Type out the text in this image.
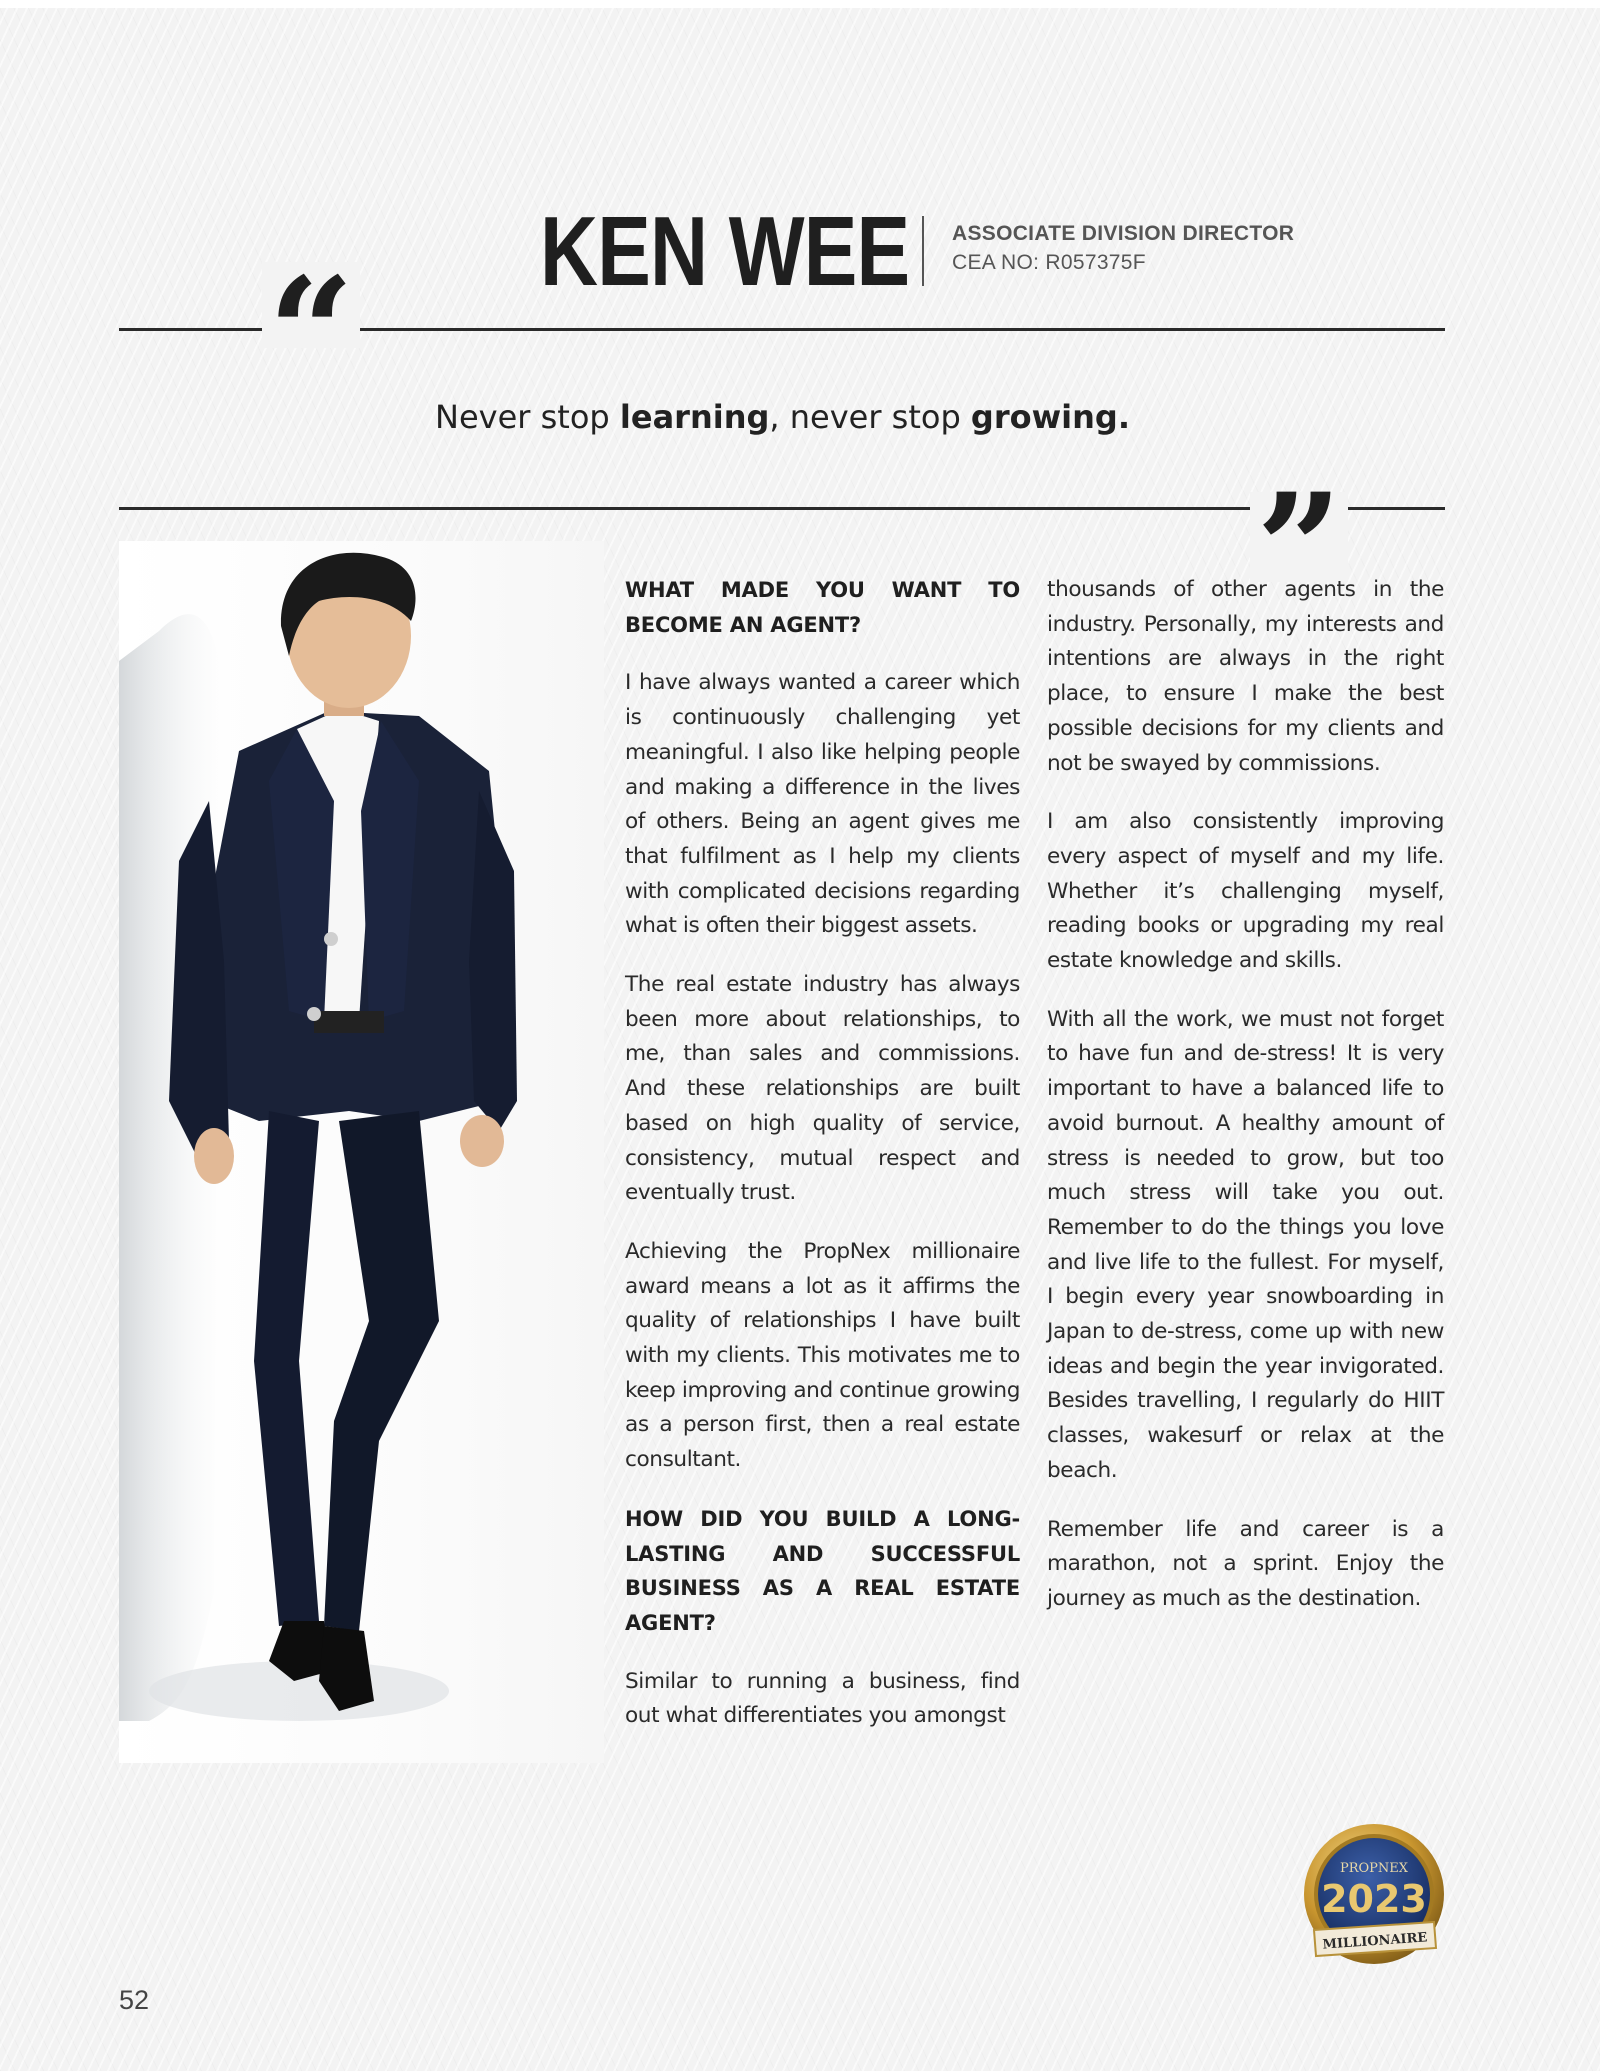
KEN WEE ASSOCIATE DIVISION DIRECTOR
CEA NO: R057375F
“	Never stop learning, never stop growing.
”
WHAT MADE YOU WANT TO BECOME AN AGENT?

I have always wanted a career which is continuously challenging yet meaningful. I also like helping people and making a difference in the lives of others. Being an agent gives me that fulfilment as I help my clients with complicated decisions regarding what is often their biggest assets.

The real estate industry has always been more about relationships, to me, than sales and commissions. And these relationships are built based on high quality of service, consistency, mutual respect and eventually trust.

Achieving the PropNex millionaire award means a lot as it affirms the quality of relationships I have built with my clients. This motivates me to keep improving and continue growing as a person first, then a real estate consultant.

HOW DID YOU BUILD A LONG-LASTING AND SUCCESSFUL BUSINESS AS A REAL ESTATE AGENT?

Similar to running a business, find out what differentiates you amongst

thousands of other agents in the industry. Personally, my interests and intentions are always in the right place, to ensure I make the best possible decisions for my clients and not be swayed by commissions.

I am also consistently improving every aspect of myself and my life. Whether it’s challenging myself, reading books or upgrading my real estate knowledge and skills.

With all the work, we must not forget to have fun and de-stress! It is very important to have a balanced life to avoid burnout. A healthy amount of stress is needed to grow, but too much stress will take you out. Remember to do the things you love and live life to the fullest. For myself, I begin every year snowboarding in Japan to de-stress, come up with new ideas and begin the year invigorated. Besides travelling, I regularly do HIIT classes, wakesurf or relax at the beach.

Remember life and career is a marathon, not a sprint. Enjoy the journey as much as the destination.

PROPNEX
2023
MILLIONAIRE
52
